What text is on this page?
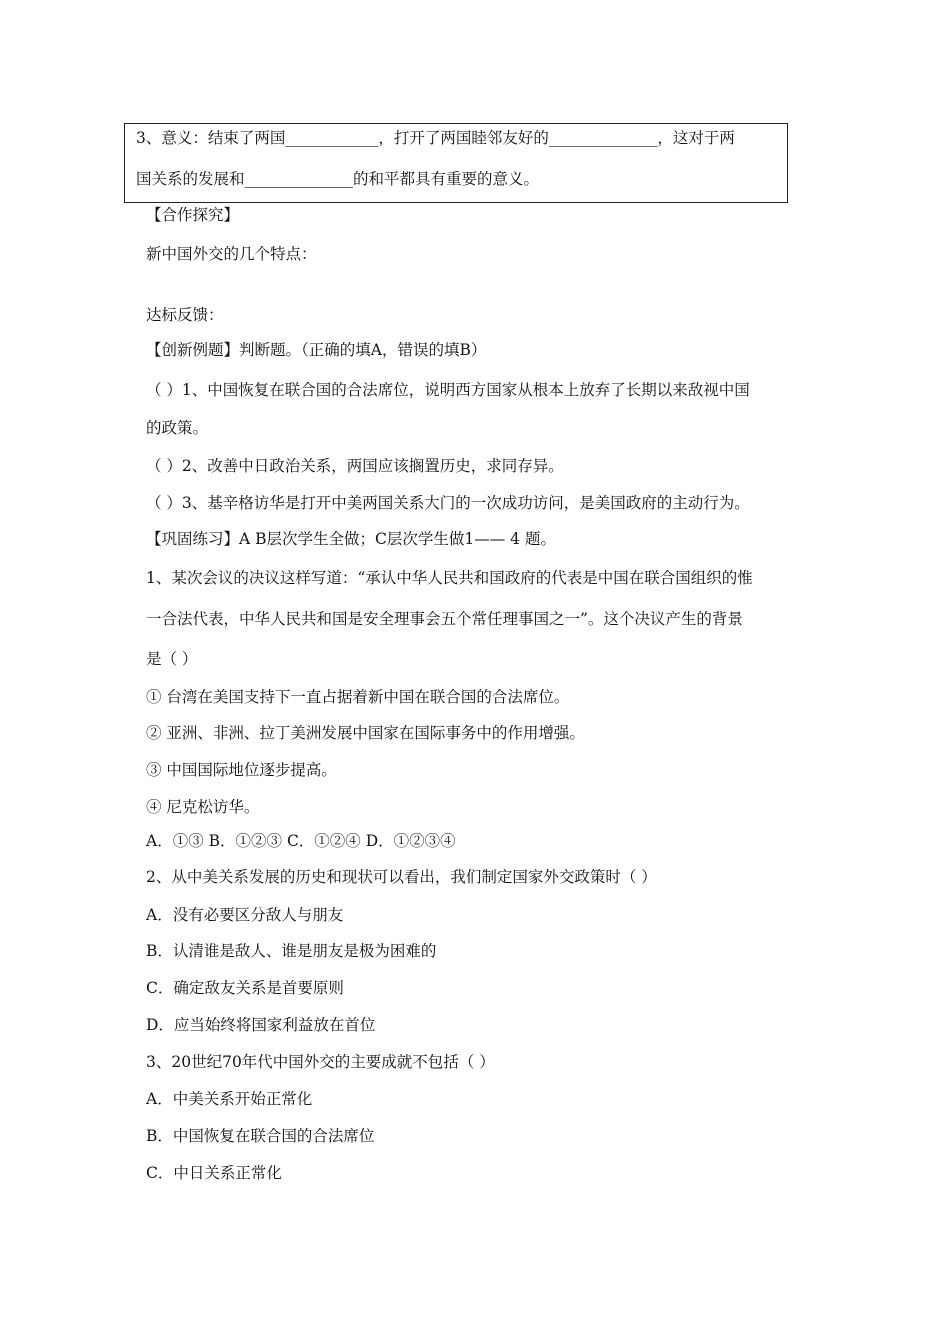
3、意义：结束了两国____________，打开了两国睦邻友好的______________，这对于两
国关系的发展和______________的和平都具有重要的意义。
【合作探究】
新中国外交的几个特点：
达标反馈：
【创新例题】判断题。（正确的填A，错误的填B）
（ ）1、中国恢复在联合国的合法席位，说明西方国家从根本上放弃了长期以来敌视中国
的政策。
（ ）2、改善中日政治关系，两国应该搁置历史，求同存异。
（ ）3、基辛格访华是打开中美两国关系大门的一次成功访问，是美国政府的主动行为。
【巩固练习】A B层次学生全做；C层次学生做1—— 4 题。
1、某次会议的决议这样写道：“承认中华人民共和国政府的代表是中国在联合国组织的惟
一合法代表，中华人民共和国是安全理事会五个常任理事国之一”。这个决议产生的背景
是（ ）
① 台湾在美国支持下一直占据着新中国在联合国的合法席位。
② 亚洲、非洲、拉丁美洲发展中国家在国际事务中的作用增强。
③ 中国国际地位逐步提高。
④ 尼克松访华。
A．①③ B．①②③ C．①②④ D．①②③④
2、从中美关系发展的历史和现状可以看出，我们制定国家外交政策时（ ）
A．没有必要区分敌人与朋友
B．认清谁是敌人、谁是朋友是极为困难的
C．确定敌友关系是首要原则
D．应当始终将国家利益放在首位
3、20世纪70年代中国外交的主要成就不包括（ ）
A．中美关系开始正常化
B．中国恢复在联合国的合法席位
C．中日关系正常化
